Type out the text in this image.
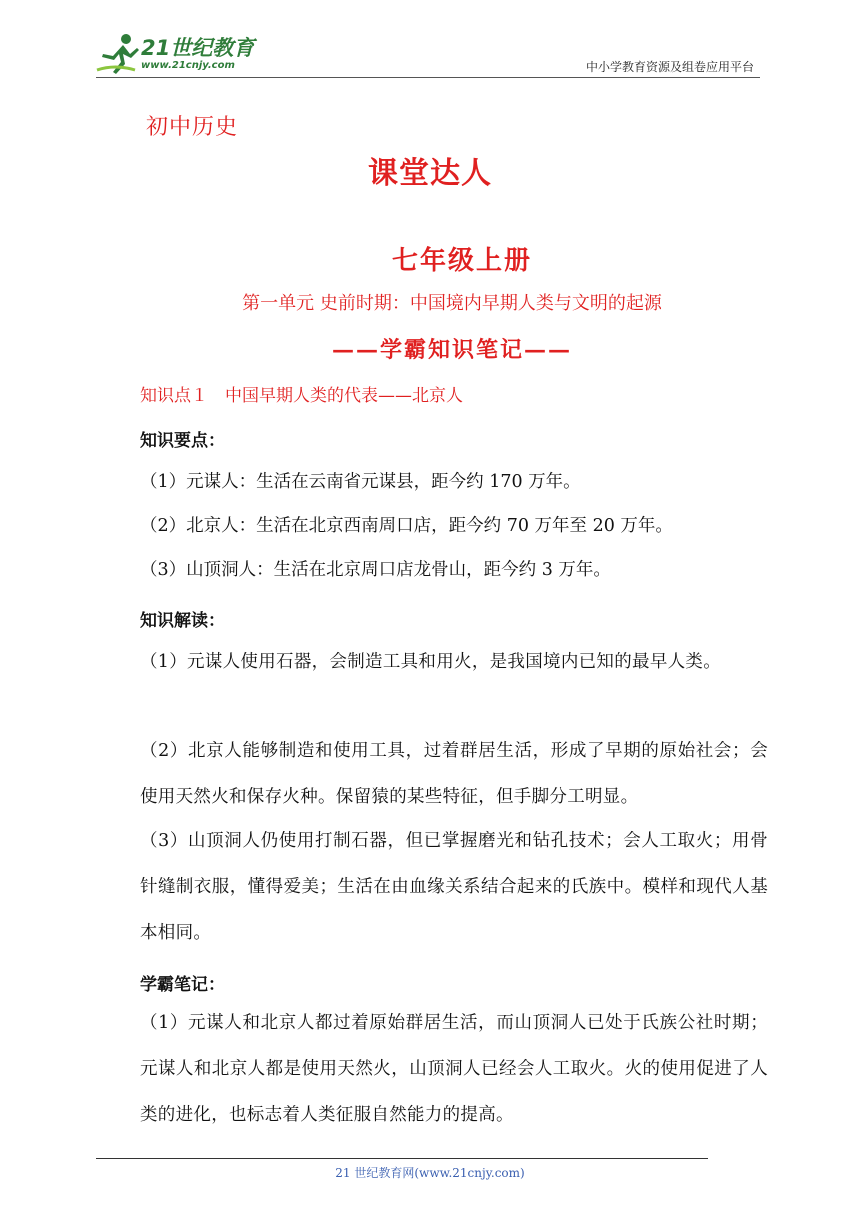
21世纪教育
www.21cnjy.com	中小学教育资源及组卷应用平台
初中历史
课堂达人
七年级上册
第一单元 史前时期：中国境内早期人类与文明的起源
——学霸知识笔记——
知识点１　中国早期人类的代表——北京人
知识要点：
（1）元谋人：生活在云南省元谋县，距今约 170 万年。
（2）北京人：生活在北京西南周口店，距今约 70 万年至 20 万年。
（3）山顶洞人：生活在北京周口店龙骨山，距今约 3 万年。
知识解读：
（1）元谋人使用石器，会制造工具和用火，是我国境内已知的最早人类。
（2）北京人能够制造和使用工具，过着群居生活，形成了早期的原始社会；会使用天然火和保存火种。保留猿的某些特征，但手脚分工明显。
（3）山顶洞人仍使用打制石器，但已掌握磨光和钻孔技术；会人工取火；用骨针缝制衣服，懂得爱美；生活在由血缘关系结合起来的氏族中。模样和现代人基本相同。
学霸笔记：
（1）元谋人和北京人都过着原始群居生活，而山顶洞人已处于氏族公社时期；元谋人和北京人都是使用天然火，山顶洞人已经会人工取火。火的使用促进了人类的进化，也标志着人类征服自然能力的提高。
21 世纪教育网(www.21cnjy.com)
